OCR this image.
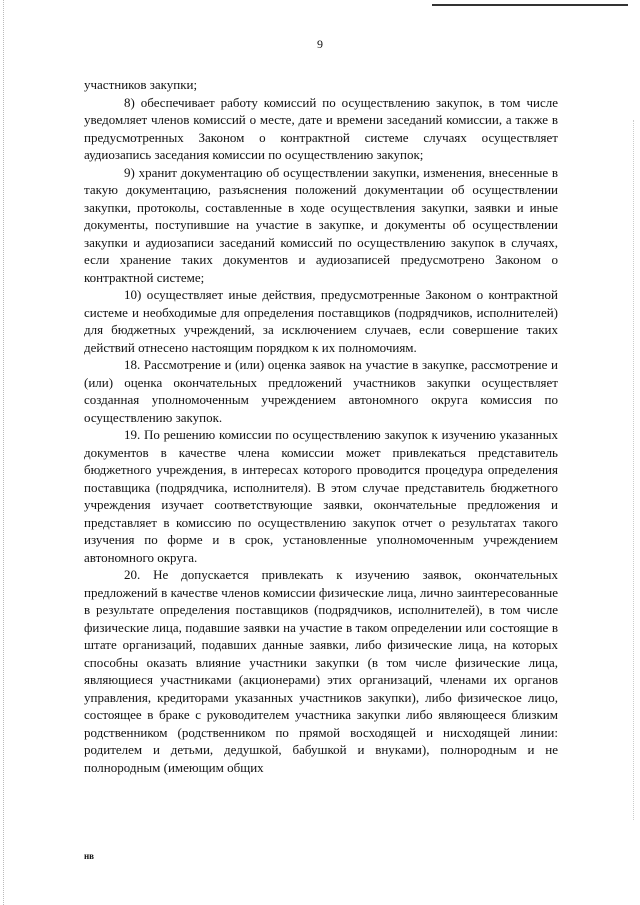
9

участников закупки;

8) обеспечивает работу комиссий по осуществлению закупок, в том числе уведомляет членов комиссий о месте, дате и времени заседаний комиссии, а также в предусмотренных Законом о контрактной системе случаях осуществляет аудиозапись заседания комиссии по осуществлению закупок;

9) хранит документацию об осуществлении закупки, изменения, внесенные в такую документацию, разъяснения положений документации об осуществлении закупки, протоколы, составленные в ходе осуществления закупки, заявки и иные документы, поступившие на участие в закупке, и документы об осуществлении закупки и аудиозаписи заседаний комиссий по осуществлению закупок в случаях, если хранение таких документов и аудиозаписей предусмотрено Законом о контрактной системе;

10) осуществляет иные действия, предусмотренные Законом о контрактной системе и необходимые для определения поставщиков (подрядчиков, исполнителей) для бюджетных учреждений, за исключением случаев, если совершение таких действий отнесено настоящим порядком к их полномочиям.

18. Рассмотрение и (или) оценка заявок на участие в закупке, рассмотрение и (или) оценка окончательных предложений участников закупки осуществляет созданная уполномоченным учреждением автономного округа комиссия по осуществлению закупок.

19. По решению комиссии по осуществлению закупок к изучению указанных документов в качестве члена комиссии может привлекаться представитель бюджетного учреждения, в интересах которого проводится процедура определения поставщика (подрядчика, исполнителя). В этом случае представитель бюджетного учреждения изучает соответствующие заявки, окончательные предложения и представляет в комиссию по осуществлению закупок отчет о результатах такого изучения по форме и в срок, установленные уполномоченным учреждением автономного округа.

20. Не допускается привлекать к изучению заявок, окончательных предложений в качестве членов комиссии физические лица, лично заинтересованные в результате определения поставщиков (подрядчиков, исполнителей), в том числе физические лица, подавшие заявки на участие в таком определении или состоящие в штате организаций, подавших данные заявки, либо физические лица, на которых способны оказать влияние участники закупки (в том числе физические лица, являющиеся участниками (акционерами) этих организаций, членами их органов управления, кредиторами указанных участников закупки), либо физическое лицо, состоящее в браке с руководителем участника закупки либо являющееся близким родственником (родственником по прямой восходящей и нисходящей линии: родителем и детьми, дедушкой, бабушкой и внуками), полнородным и не полнородным (имеющим общих

нв
